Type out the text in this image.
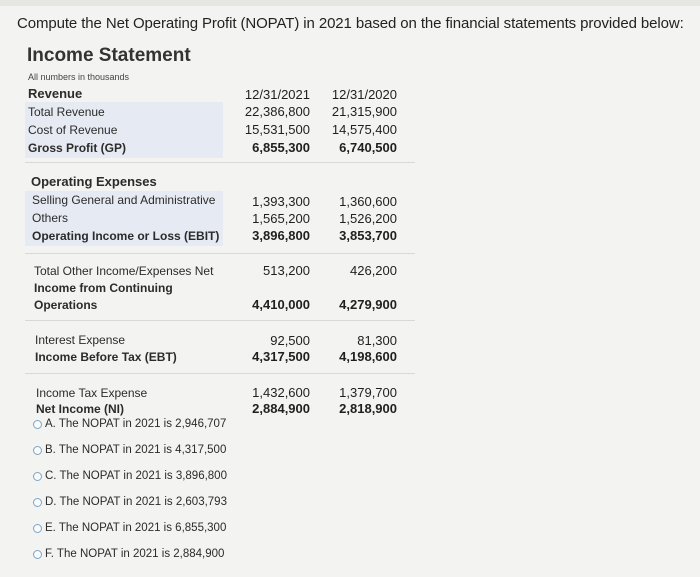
Compute the Net Operating Profit (NOPAT) in 2021 based on the financial statements provided below:
Income Statement
All numbers in thousands
Revenue	12/31/2021	12/31/2020
Total Revenue	22,386,800	21,315,900
Cost of Revenue	15,531,500	14,575,400
Gross Profit (GP)	6,855,300	6,740,500
Operating Expenses
Selling General and Administrative	1,393,300	1,360,600
Others	1,565,200	1,526,200
Operating Income or Loss (EBIT)	3,896,800	3,853,700
Total Other Income/Expenses Net	513,200	426,200
Income from Continuing
Operations	4,410,000	4,279,900
Interest Expense	92,500	81,300
Income Before Tax (EBT)	4,317,500	4,198,600
Income Tax Expense	1,432,600	1,379,700
Net Income (NI)	2,884,900	2,818,900
A. The NOPAT in 2021 is 2,946,707
B. The NOPAT in 2021 is 4,317,500
C. The NOPAT in 2021 is 3,896,800
D. The NOPAT in 2021 is 2,603,793
E. The NOPAT in 2021 is 6,855,300
F. The NOPAT in 2021 is 2,884,900
